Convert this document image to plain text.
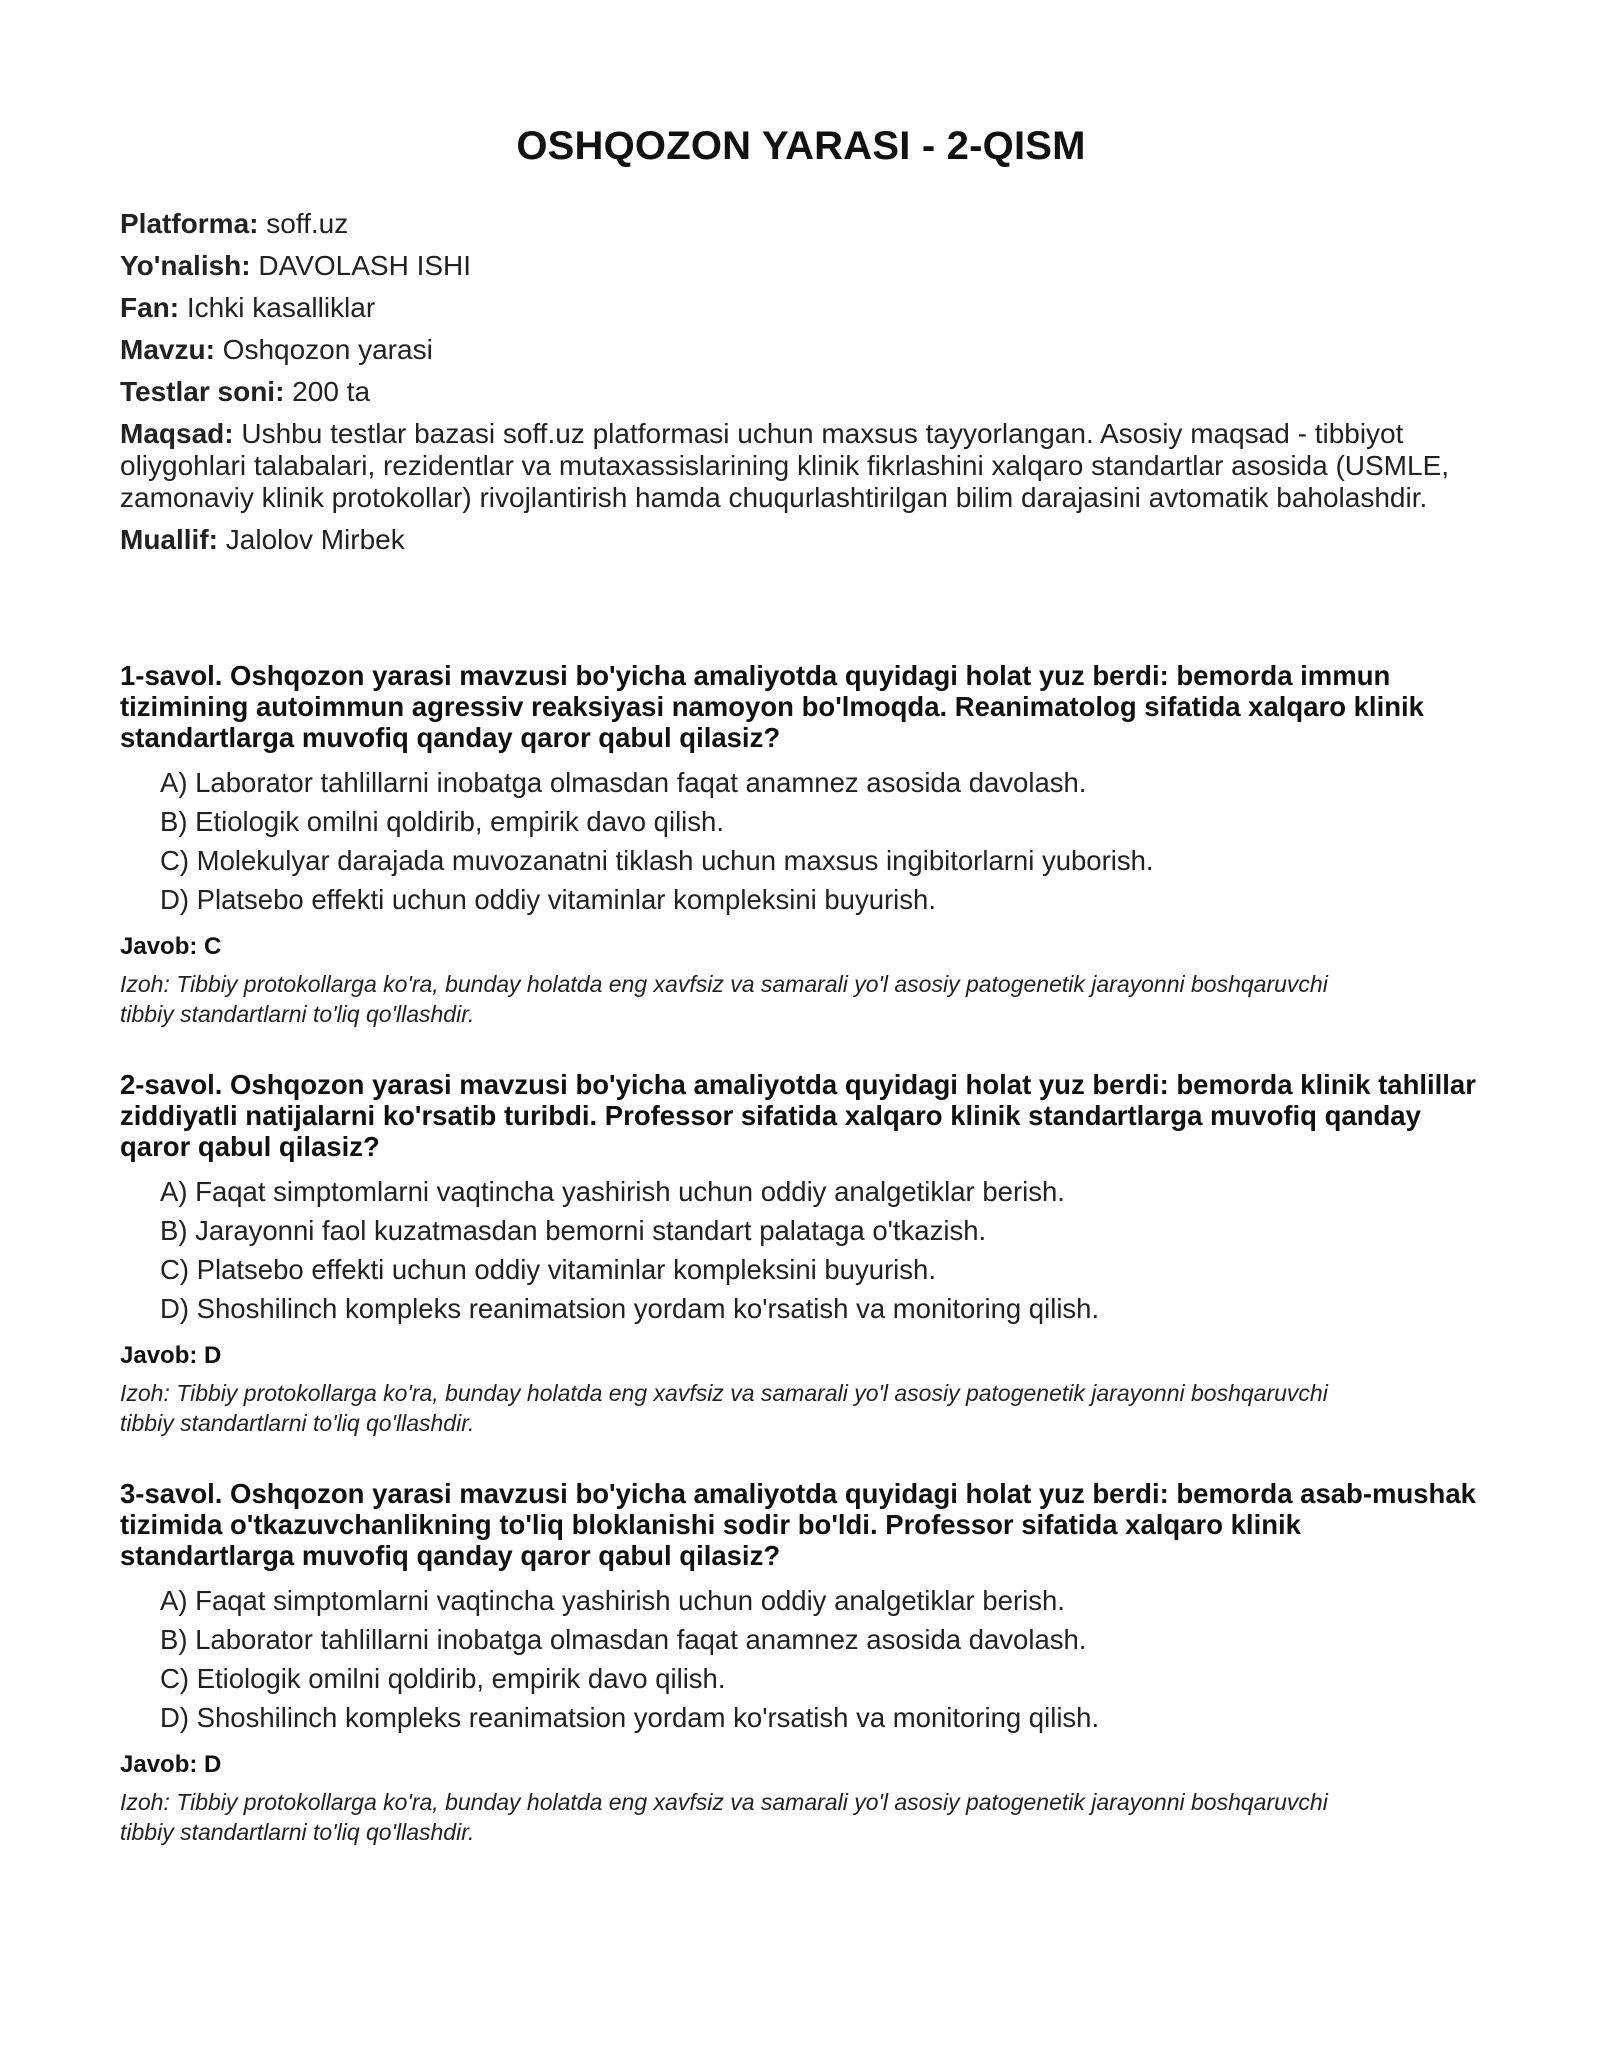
OSHQOZON YARASI - 2-QISM

Platforma: soff.uz

Yo'nalish: DAVOLASH ISHI

Fan: Ichki kasalliklar

Mavzu: Oshqozon yarasi

Testlar soni: 200 ta

Maqsad: Ushbu testlar bazasi soff.uz platformasi uchun maxsus tayyorlangan. Asosiy maqsad - tibbiyot oliygohlari talabalari, rezidentlar va mutaxassislarining klinik fikrlashini xalqaro standartlar asosida (USMLE, zamonaviy klinik protokollar) rivojlantirish hamda chuqurlashtirilgan bilim darajasini avtomatik baholashdir.

Muallif: Jalolov Mirbek

1-savol. Oshqozon yarasi mavzusi bo'yicha amaliyotda quyidagi holat yuz berdi: bemorda immun tizimining autoimmun agressiv reaksiyasi namoyon bo'lmoqda. Reanimatolog sifatida xalqaro klinik standartlarga muvofiq qanday qaror qabul qilasiz?

A) Laborator tahlillarni inobatga olmasdan faqat anamnez asosida davolash.
B) Etiologik omilni qoldirib, empirik davo qilish.
C) Molekulyar darajada muvozanatni tiklash uchun maxsus ingibitorlarni yuborish.
D) Platsebo effekti uchun oddiy vitaminlar kompleksini buyurish.

Javob: C

Izoh: Tibbiy protokollarga ko'ra, bunday holatda eng xavfsiz va samarali yo'l asosiy patogenetik jarayonni boshqaruvchi tibbiy standartlarni to'liq qo'llashdir.

2-savol. Oshqozon yarasi mavzusi bo'yicha amaliyotda quyidagi holat yuz berdi: bemorda klinik tahlillar ziddiyatli natijalarni ko'rsatib turibdi. Professor sifatida xalqaro klinik standartlarga muvofiq qanday qaror qabul qilasiz?

A) Faqat simptomlarni vaqtincha yashirish uchun oddiy analgetiklar berish.
B) Jarayonni faol kuzatmasdan bemorni standart palataga o'tkazish.
C) Platsebo effekti uchun oddiy vitaminlar kompleksini buyurish.
D) Shoshilinch kompleks reanimatsion yordam ko'rsatish va monitoring qilish.

Javob: D

Izoh: Tibbiy protokollarga ko'ra, bunday holatda eng xavfsiz va samarali yo'l asosiy patogenetik jarayonni boshqaruvchi tibbiy standartlarni to'liq qo'llashdir.

3-savol. Oshqozon yarasi mavzusi bo'yicha amaliyotda quyidagi holat yuz berdi: bemorda asab-mushak tizimida o'tkazuvchanlikning to'liq bloklanishi sodir bo'ldi. Professor sifatida xalqaro klinik standartlarga muvofiq qanday qaror qabul qilasiz?

A) Faqat simptomlarni vaqtincha yashirish uchun oddiy analgetiklar berish.
B) Laborator tahlillarni inobatga olmasdan faqat anamnez asosida davolash.
C) Etiologik omilni qoldirib, empirik davo qilish.
D) Shoshilinch kompleks reanimatsion yordam ko'rsatish va monitoring qilish.

Javob: D

Izoh: Tibbiy protokollarga ko'ra, bunday holatda eng xavfsiz va samarali yo'l asosiy patogenetik jarayonni boshqaruvchi tibbiy standartlarni to'liq qo'llashdir.
